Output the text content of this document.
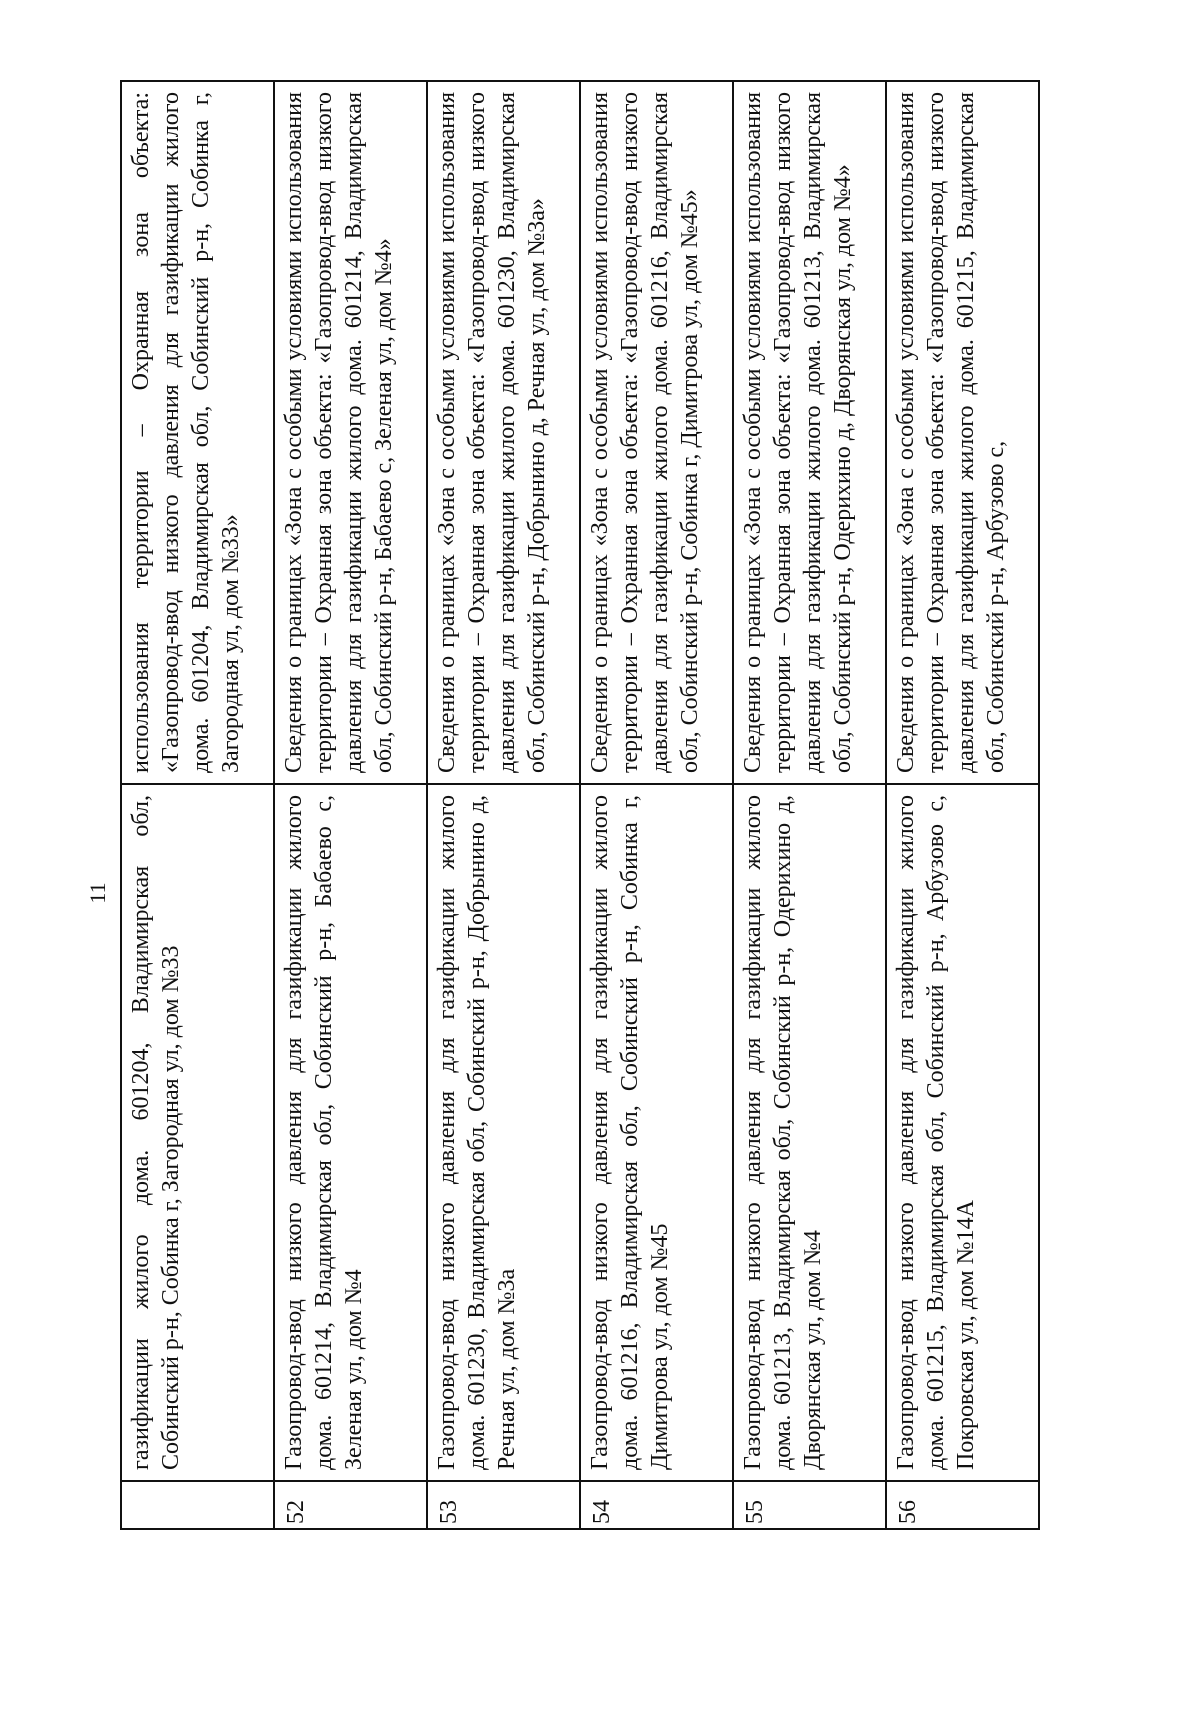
11
	газификации жилого дома. 601204, Владимирская обл, Собинский р-н, Собинка г, Загородная ул, дом №33	использования территории – Охранная зона объекта: «Газопровод-ввод низкого давления для газификации жилого дома. 601204, Владимирская обл, Собинский р-н, Собинка г, Загородная ул, дом №33»
52	Газопровод-ввод низкого давления для газификации жилого дома. 601214, Владимирская обл, Собинский р-н, Бабаево с, Зеленая ул, дом №4	Сведения о границах «Зона с особыми условиями использования территории – Охранная зона объекта: «Газопровод-ввод низкого давления для газификации жилого дома. 601214, Владимирская обл, Собинский р-н, Бабаево с, Зеленая ул, дом №4»
53	Газопровод-ввод низкого давления для газификации жилого дома. 601230, Владимирская обл, Собинский р-н, Добрынино д, Речная ул, дом №3а	Сведения о границах «Зона с особыми условиями использования территории – Охранная зона объекта: «Газопровод-ввод низкого давления для газификации жилого дома. 601230, Владимирская обл, Собинский р-н, Добрынино д, Речная ул, дом №3а»
54	Газопровод-ввод низкого давления для газификации жилого дома. 601216, Владимирская обл, Собинский р-н, Собинка г, Димитрова ул, дом №45	Сведения о границах «Зона с особыми условиями использования территории – Охранная зона объекта: «Газопровод-ввод низкого давления для газификации жилого дома. 601216, Владимирская обл, Собинский р-н, Собинка г, Димитрова ул, дом №45»
55	Газопровод-ввод низкого давления для газификации жилого дома. 601213, Владимирская обл, Собинский р-н, Одерихино д, Дворянская ул, дом №4	Сведения о границах «Зона с особыми условиями использования территории – Охранная зона объекта: «Газопровод-ввод низкого давления для газификации жилого дома. 601213, Владимирская обл, Собинский р-н, Одерихино д, Дворянская ул, дом №4»
56	Газопровод-ввод низкого давления для газификации жилого дома. 601215, Владимирская обл, Собинский р-н, Арбузово с, Покровская ул, дом №14А	Сведения о границах «Зона с особыми условиями использования территории – Охранная зона объекта: «Газопровод-ввод низкого давления для газификации жилого дома. 601215, Владимирская обл, Собинский р-н, Арбузово с,
